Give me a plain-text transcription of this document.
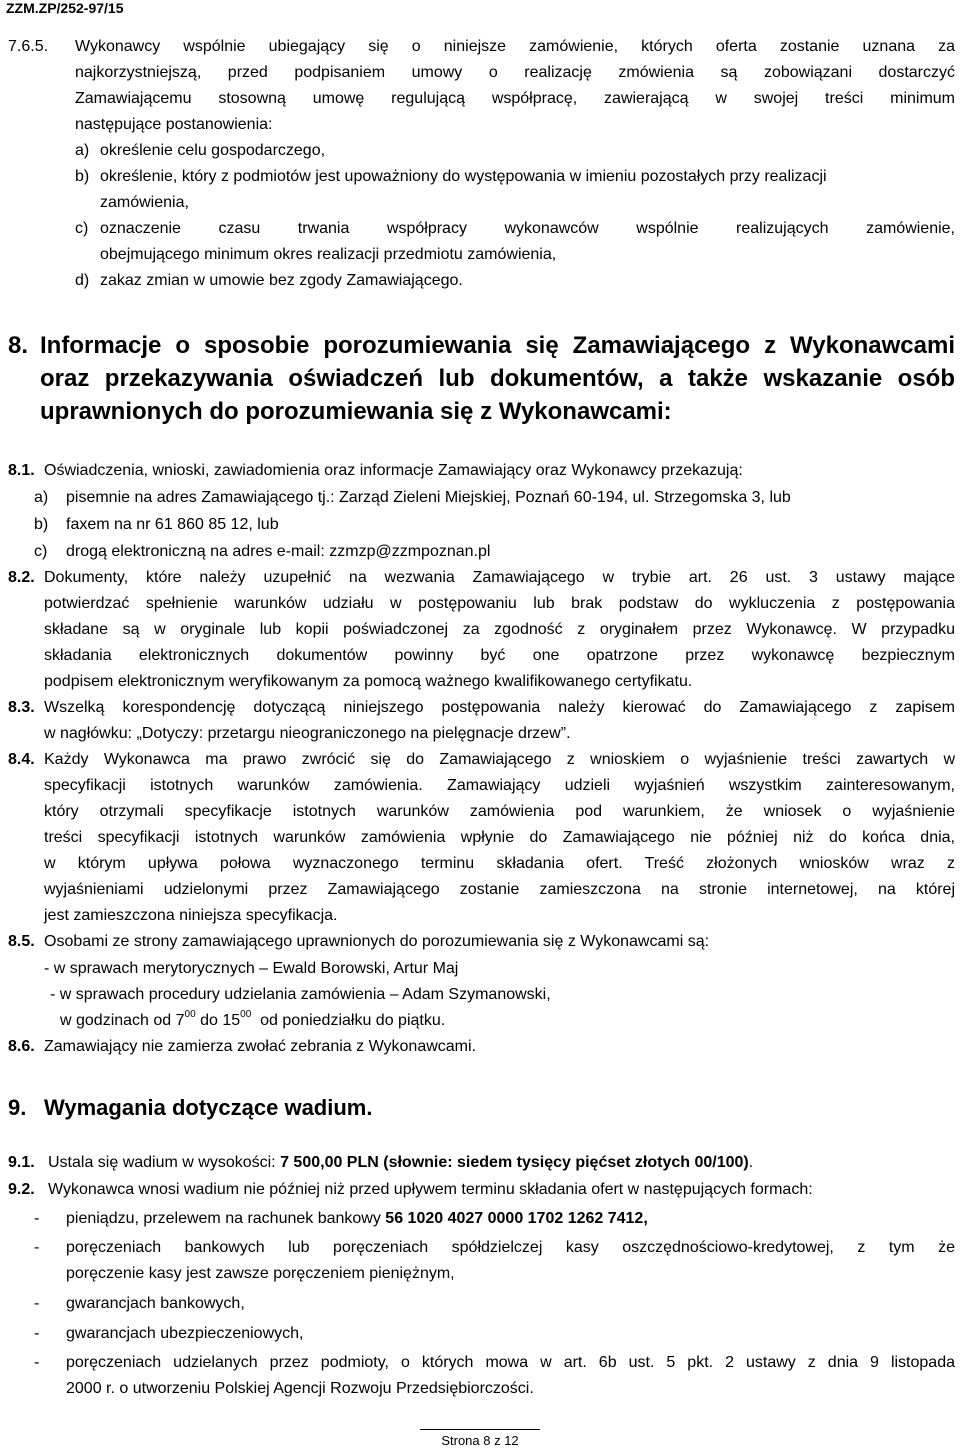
ZZM.ZP/252-97/15
7.6.5. Wykonawcy wspólnie ubiegający się o niniejsze zamówienie, których oferta zostanie uznana za
najkorzystniejszą, przed podpisaniem umowy o realizację zmówienia są zobowiązani dostarczyć
Zamawiającemu stosowną umowę regulującą współpracę, zawierającą w swojej treści minimum
następujące postanowienia:
a) określenie celu gospodarczego,
b) określenie, który z podmiotów jest upoważniony do występowania w imieniu pozostałych przy realizacji
zamówienia,
c) oznaczenie czasu trwania współpracy wykonawców wspólnie realizujących zamówienie,
obejmującego minimum okres realizacji przedmiotu zamówienia,
d) zakaz zmian w umowie bez zgody Zamawiającego.
8. Informacje o sposobie porozumiewania się Zamawiającego z Wykonawcami
oraz przekazywania oświadczeń lub dokumentów, a także wskazanie osób
uprawnionych do porozumiewania się z Wykonawcami:
8.1. Oświadczenia, wnioski, zawiadomienia oraz informacje Zamawiający oraz Wykonawcy przekazują:
a) pisemnie na adres Zamawiającego tj.: Zarząd Zieleni Miejskiej, Poznań 60-194, ul. Strzegomska 3, lub
b) faxem na nr 61 860 85 12, lub
c) drogą elektroniczną na adres e-mail: zzmzp@zzmpoznan.pl
8.2. Dokumenty, które należy uzupełnić na wezwania Zamawiającego w trybie art. 26 ust. 3 ustawy mające
potwierdzać spełnienie warunków udziału w postępowaniu lub brak podstaw do wykluczenia z postępowania
składane są w oryginale lub kopii poświadczonej za zgodność z oryginałem przez Wykonawcę. W przypadku
składania elektronicznych dokumentów powinny być one opatrzone przez wykonawcę bezpiecznym
podpisem elektronicznym weryfikowanym za pomocą ważnego kwalifikowanego certyfikatu.
8.3. Wszelką korespondencję dotyczącą niniejszego postępowania należy kierować do Zamawiającego z zapisem
w nagłówku: „Dotyczy: przetargu nieograniczonego na pielęgnacje drzew”.
8.4. Każdy Wykonawca ma prawo zwrócić się do Zamawiającego z wnioskiem o wyjaśnienie treści zawartych w
specyfikacji istotnych warunków zamówienia. Zamawiający udzieli wyjaśnień wszystkim zainteresowanym,
który otrzymali specyfikacje istotnych warunków zamówienia pod warunkiem, że wniosek o wyjaśnienie
treści specyfikacji istotnych warunków zamówienia wpłynie do Zamawiającego nie później niż do końca dnia,
w którym upływa połowa wyznaczonego terminu składania ofert. Treść złożonych wniosków wraz z
wyjaśnieniami udzielonymi przez Zamawiającego zostanie zamieszczona na stronie internetowej, na której
jest zamieszczona niniejsza specyfikacja.
8.5. Osobami ze strony zamawiającego uprawnionych do porozumiewania się z Wykonawcami są:
- w sprawach merytorycznych – Ewald Borowski, Artur Maj
- w sprawach procedury udzielania zamówienia – Adam Szymanowski,
w godzinach od $7^{00}$ do $15^{00}$  od poniedziałku do piątku.
8.6. Zamawiający nie zamierza zwołać zebrania z Wykonawcami.
9. Wymagania dotyczące wadium.
9.1. Ustala się wadium w wysokości: 7 500,00 PLN (słownie: siedem tysięcy pięćset złotych 00/100).
9.2. Wykonawca wnosi wadium nie później niż przed upływem terminu składania ofert w następujących formach:
- pieniądzu, przelewem na rachunek bankowy 56 1020 4027 0000 1702 1262 7412,
- poręczeniach bankowych lub poręczeniach spółdzielczej kasy oszczędnościowo-kredytowej, z tym że
poręczenie kasy jest zawsze poręczeniem pieniężnym,
- gwarancjach bankowych,
- gwarancjach ubezpieczeniowych,
- poręczeniach udzielanych przez podmioty, o których mowa w art. 6b ust. 5 pkt. 2 ustawy z dnia 9 listopada
2000 r. o utworzeniu Polskiej Agencji Rozwoju Przedsiębiorczości.
Strona 8 z 12
